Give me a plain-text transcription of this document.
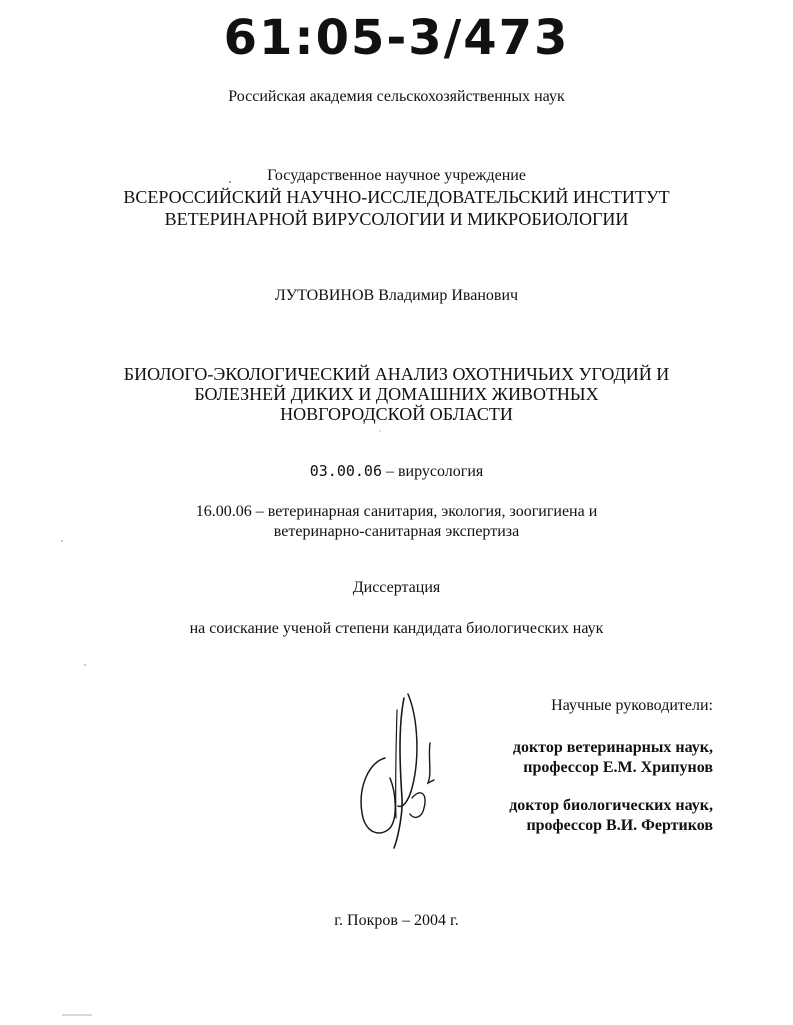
61:05-3/473
Российская академия сельскохозяйственных наук
Государственное научное учреждение
ВСЕРОССИЙСКИЙ НАУЧНО-ИССЛЕДОВАТЕЛЬСКИЙ ИНСТИТУТ
ВЕТЕРИНАРНОЙ ВИРУСОЛОГИИ И МИКРОБИОЛОГИИ
ЛУТОВИНОВ Владимир Иванович
БИОЛОГО-ЭКОЛОГИЧЕСКИЙ АНАЛИЗ ОХОТНИЧЬИХ УГОДИЙ И
БОЛЕЗНЕЙ ДИКИХ И ДОМАШНИХ ЖИВОТНЫХ
НОВГОРОДСКОЙ ОБЛАСТИ
03.00.06 – вирусология
16.00.06 – ветеринарная санитария, экология, зоогигиена и
ветеринарно-санитарная экспертиза
Диссертация
на соискание ученой степени кандидата биологических наук
Научные руководители:
доктор ветеринарных наук,
профессор Е.М. Хрипунов
доктор биологических наук,
профессор В.И. Фертиков
г. Покров – 2004 г.
